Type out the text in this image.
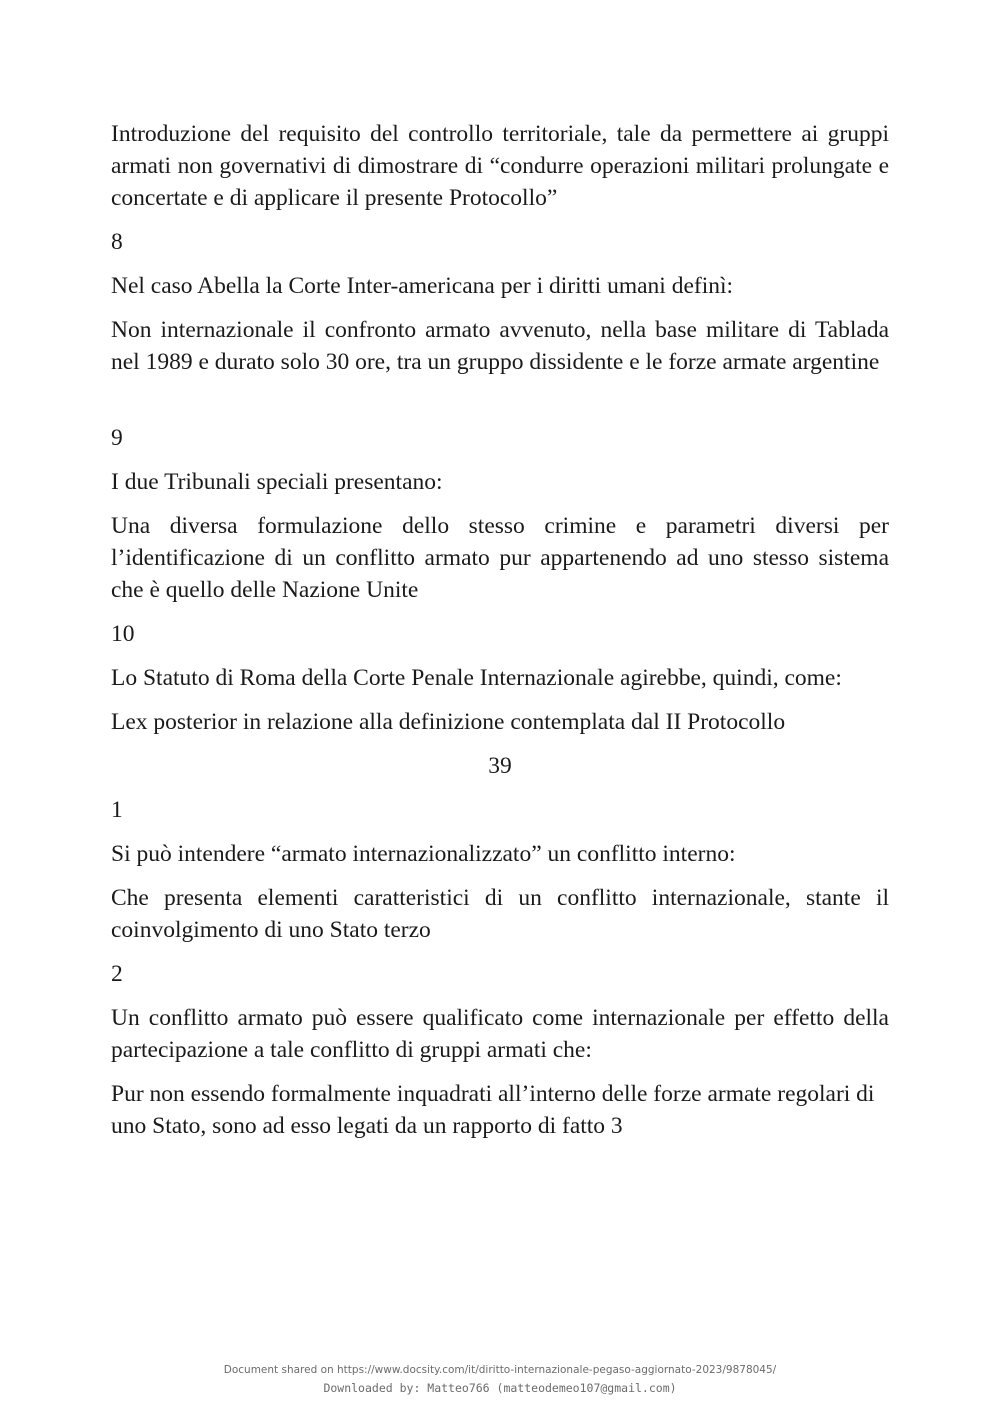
Introduzione del requisito del controllo territoriale, tale da permettere ai gruppi armati non governativi di dimostrare di “condurre operazioni militari prolungate e concertate e di applicare il presente Protocollo”

8

Nel caso Abella la Corte Inter-americana per i diritti umani definì:

Non internazionale il confronto armato avvenuto, nella base militare di Tablada nel 1989 e durato solo 30 ore, tra un gruppo dissidente e le forze armate argentine

9

I due Tribunali speciali presentano:

Una diversa formulazione dello stesso crimine e parametri diversi per l’identificazione di un conflitto armato pur appartenendo ad uno stesso sistema che è quello delle Nazione Unite

10

Lo Statuto di Roma della Corte Penale Internazionale agirebbe, quindi, come:

Lex posterior in relazione alla definizione contemplata dal II Protocollo

39
1

Si può intendere “armato internazionalizzato” un conflitto interno:

Che presenta elementi caratteristici di un conflitto internazionale, stante il coinvolgimento di uno Stato terzo

2

Un conflitto armato può essere qualificato come internazionale per effetto della partecipazione a tale conflitto di gruppi armati che:

Pur non essendo formalmente inquadrati all’interno delle forze armate regolari di uno Stato, sono ad esso legati da un rapporto di fatto 3

Document shared on https://www.docsity.com/it/diritto-internazionale-pegaso-aggiornato-2023/9878045/
Downloaded by: Matteo766 (matteodemeo107@gmail.com)
